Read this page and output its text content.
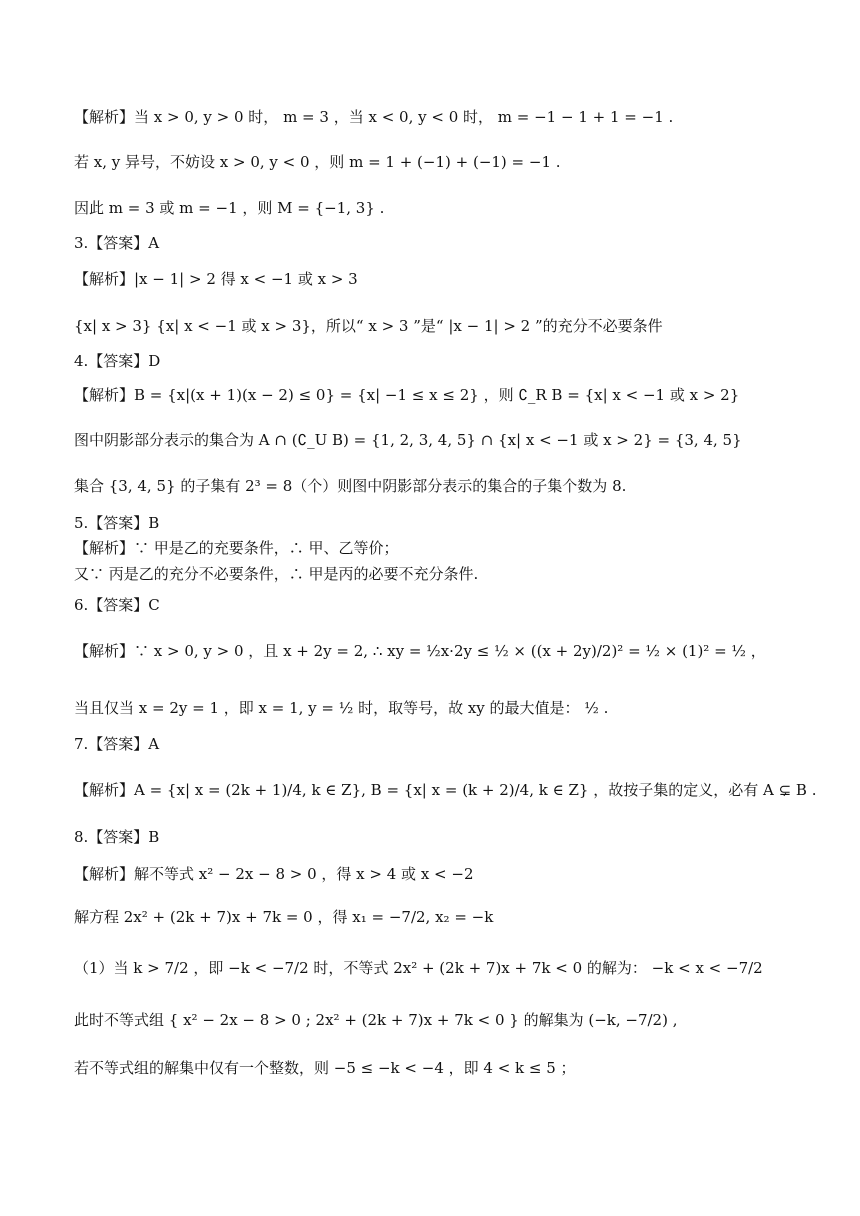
【解析】当 x > 0, y > 0 时， m = 3 ，当 x < 0, y < 0 时， m = −1 − 1 + 1 = −1 .
若 x, y 异号，不妨设 x > 0, y < 0 ，则 m = 1 + (−1) + (−1) = −1 .
因此 m = 3 或 m = −1 ，则 M = {−1, 3} .
3.【答案】A
【解析】|x − 1| > 2 得 x < −1 或 x > 3
{x| x > 3} {x| x < −1 或 x > 3}，所以“ x > 3 ”是“ |x − 1| > 2 ”的充分不必要条件
4.【答案】D
【解析】B = {x|(x + 1)(x − 2) ≤ 0} = {x| −1 ≤ x ≤ 2} ，则 ∁_R B = {x| x < −1 或 x > 2}
图中阴影部分表示的集合为 A ∩ (∁_U B) = {1, 2, 3, 4, 5} ∩ {x| x < −1 或 x > 2} = {3, 4, 5}
集合 {3, 4, 5} 的子集有 2³ = 8（个）则图中阴影部分表示的集合的子集个数为 8.
5.【答案】B
【解析】∵ 甲是乙的充要条件，∴ 甲、乙等价；
又∵ 丙是乙的充分不必要条件，∴ 甲是丙的必要不充分条件.
6.【答案】C
【解析】∵ x > 0, y > 0 ，且 x + 2y = 2, ∴ xy = ½x·2y ≤ ½ × ((x + 2y)/2)² = ½ × (1)² = ½ ，
当且仅当 x = 2y = 1 ，即 x = 1, y = ½ 时，取等号，故 xy 的最大值是： ½ .
7.【答案】A
【解析】A = {x| x = (2k + 1)/4, k ∈ Z}, B = {x| x = (k + 2)/4, k ∈ Z} ，故按子集的定义，必有 A ⊊ B .
8.【答案】B
【解析】解不等式 x² − 2x − 8 > 0 ，得 x > 4 或 x < −2
解方程 2x² + (2k + 7)x + 7k = 0 ，得 x₁ = −7/2, x₂ = −k
（1）当 k > 7/2 ，即 −k < −7/2 时，不等式 2x² + (2k + 7)x + 7k < 0 的解为： −k < x < −7/2
此时不等式组 { x² − 2x − 8 > 0 ; 2x² + (2k + 7)x + 7k < 0 } 的解集为 (−k, −7/2) ,
若不等式组的解集中仅有一个整数，则 −5 ≤ −k < −4 ，即 4 < k ≤ 5 ；
